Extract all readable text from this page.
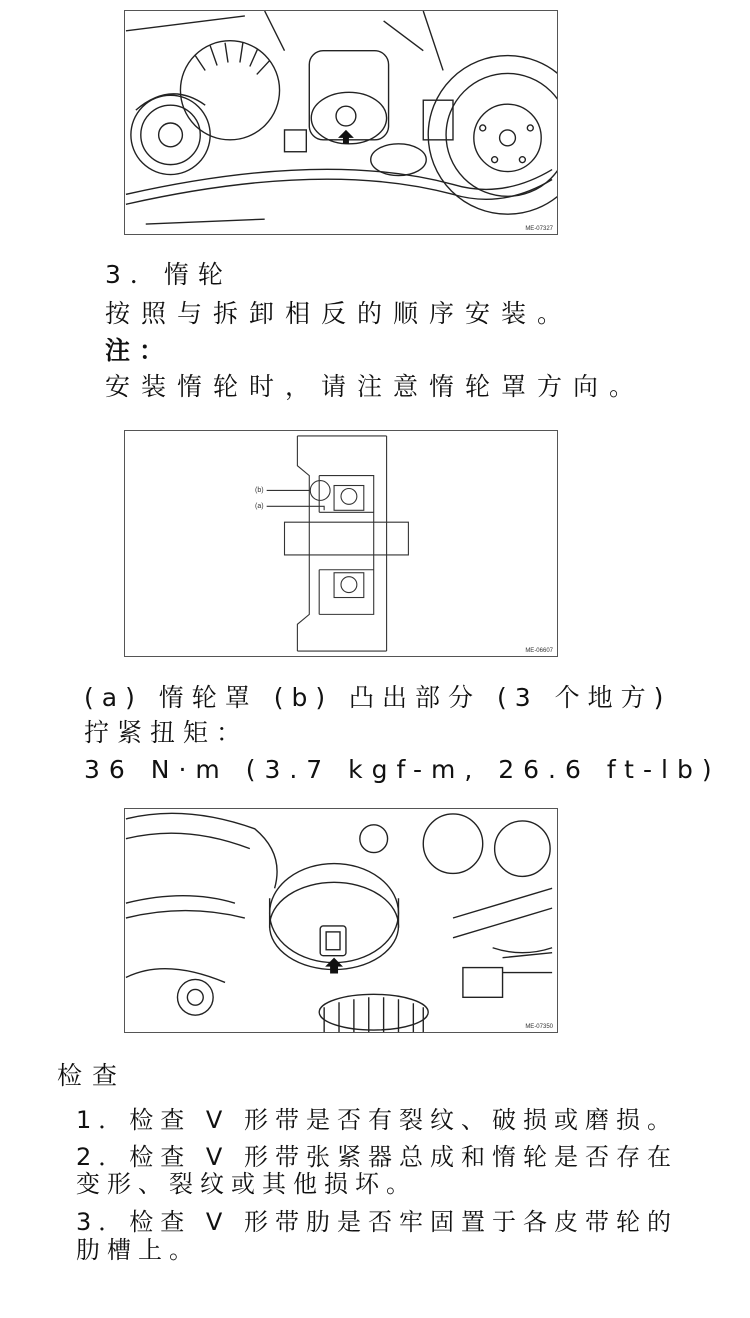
ME-07327
3．惰轮
按照与拆卸相反的顺序安装。
注：
安装惰轮时，请注意惰轮罩方向。
(b)
(a)
ME-06607
(a) 惰轮罩 (b) 凸出部分 (3 个地方)
拧紧扭矩：
36 N·m (3.7 kgf-m, 26.6 ft-lb)
ME-07350
检查
1．检查 V 形带是否有裂纹、破损或磨损。
2．检查 V 形带张紧器总成和惰轮是否存在
变形、裂纹或其他损坏。
3．检查 V 形带肋是否牢固置于各皮带轮的
肋槽上。
